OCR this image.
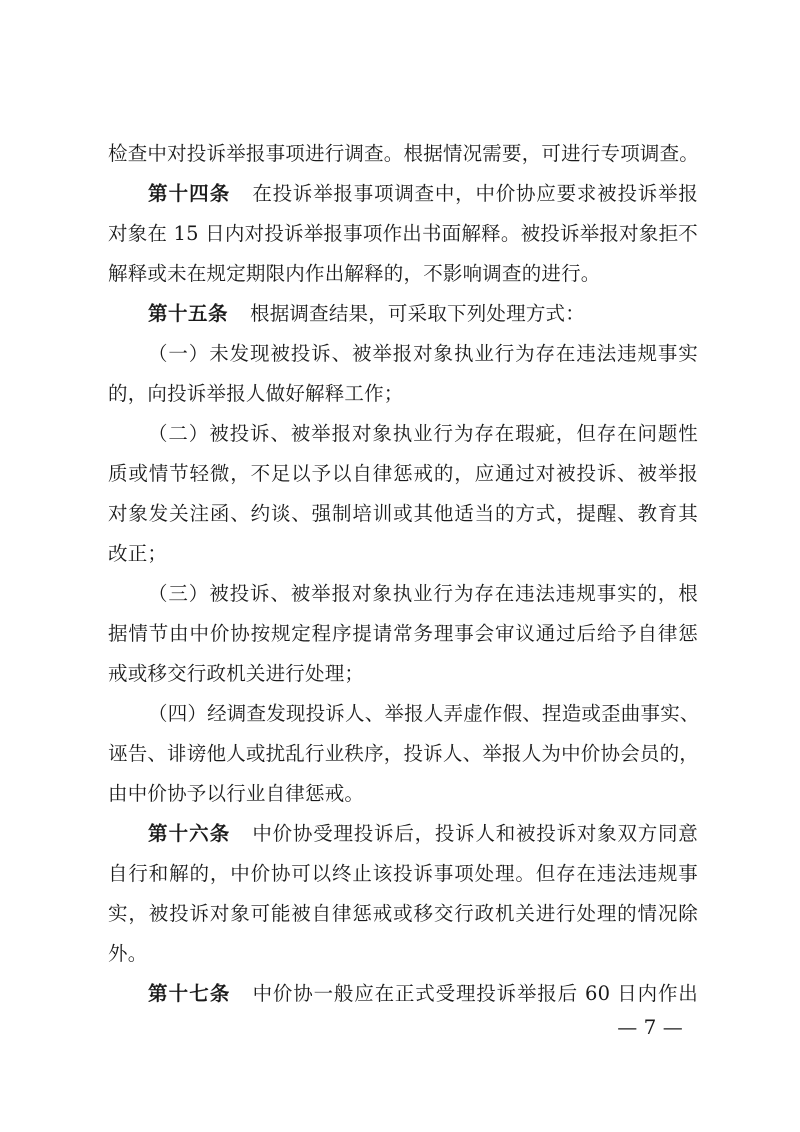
检查中对投诉举报事项进行调查。根据情况需要，可进行专项调查。
第十四条 在投诉举报事项调查中，中价协应要求被投诉举报
对象在 15 日内对投诉举报事项作出书面解释。被投诉举报对象拒不
解释或未在规定期限内作出解释的，不影响调查的进行。
第十五条 根据调查结果，可采取下列处理方式：
（一）未发现被投诉、被举报对象执业行为存在违法违规事实
的，向投诉举报人做好解释工作；
（二）被投诉、被举报对象执业行为存在瑕疵，但存在问题性
质或情节轻微，不足以予以自律惩戒的，应通过对被投诉、被举报
对象发关注函、约谈、强制培训或其他适当的方式，提醒、教育其
改正；
（三）被投诉、被举报对象执业行为存在违法违规事实的，根
据情节由中价协按规定程序提请常务理事会审议通过后给予自律惩
戒或移交行政机关进行处理；
（四）经调查发现投诉人、举报人弄虚作假、捏造或歪曲事实、
诬告、诽谤他人或扰乱行业秩序，投诉人、举报人为中价协会员的，
由中价协予以行业自律惩戒。
第十六条 中价协受理投诉后，投诉人和被投诉对象双方同意
自行和解的，中价协可以终止该投诉事项处理。但存在违法违规事
实，被投诉对象可能被自律惩戒或移交行政机关进行处理的情况除
外。
第十七条 中价协一般应在正式受理投诉举报后 60 日内作出
— 7 —
